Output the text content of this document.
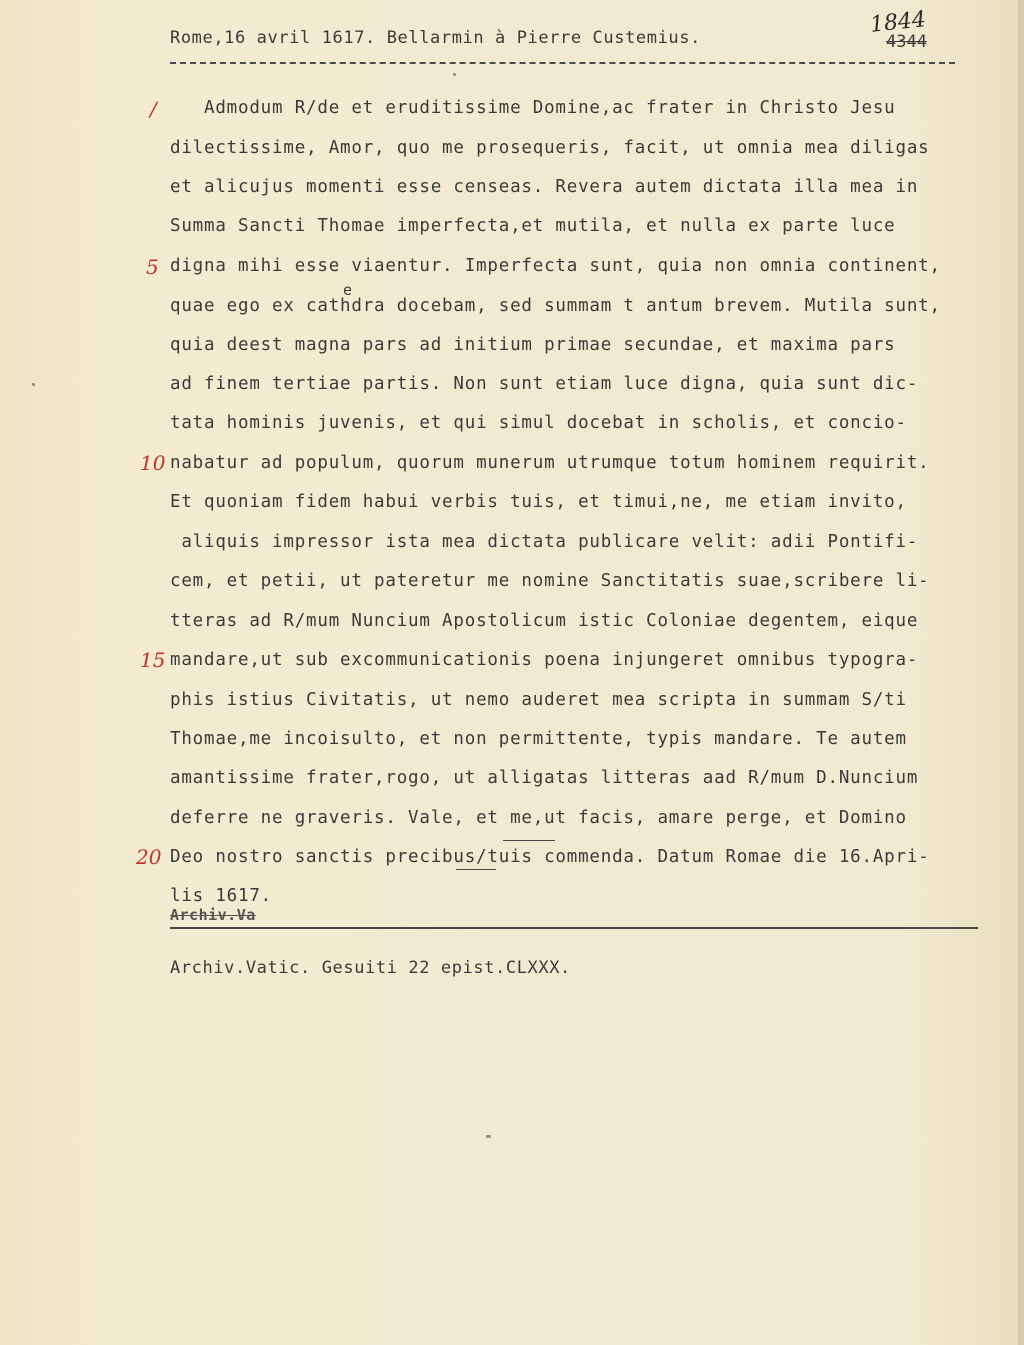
Rome,16 avril 1617. Bellarmin à Pierre Custemius.	4344
1844
/
5
10
15
20
Admodum R/de et eruditissime Domine,ac frater in Christo Jesu
dilectissime, Amor, quo me prosequeris, facit, ut omnia mea diligas
et alicujus momenti esse censeas. Revera autem dictata illa mea in
Summa Sancti Thomae imperfecta,et mutila, et nulla ex parte luce
digna mihi esse viaentur. Imperfecta sunt, quia non omnia continent,
quae ego ex cathdra docebam, sed summam t antum brevem. Mutila sunt,
quia deest magna pars ad initium primae secundae, et maxima pars
ad finem tertiae partis. Non sunt etiam luce digna, quia sunt dic-
tata hominis juvenis, et qui simul docebat in scholis, et concio-
nabatur ad populum, quorum munerum utrumque totum hominem requirit.
Et quoniam fidem habui verbis tuis, et timui,ne, me etiam invito,
aliquis impressor ista mea dictata publicare velit: adii Pontifi-
cem, et petii, ut pateretur me nomine Sanctitatis suae,scribere li-
tteras ad R/mum Nuncium Apostolicum istic Coloniae degentem, eique
mandare,ut sub excommunicationis poena injungeret omnibus typogra-
phis istius Civitatis, ut nemo auderet mea scripta in summam S/ti
Thomae,me incoisulto, et non permittente, typis mandare. Te autem
amantissime frater,rogo, ut alligatas litteras aad R/mum D.Nuncium
deferre ne graveris. Vale, et me,ut facis, amare perge, et Domino
Deo nostro sanctis precibus/tuis commenda. Datum Romae die 16.Apri-
lis 1617.
e
Archiv.Va
Archiv.Vatic. Gesuiti 22 epist.CLXXX.
